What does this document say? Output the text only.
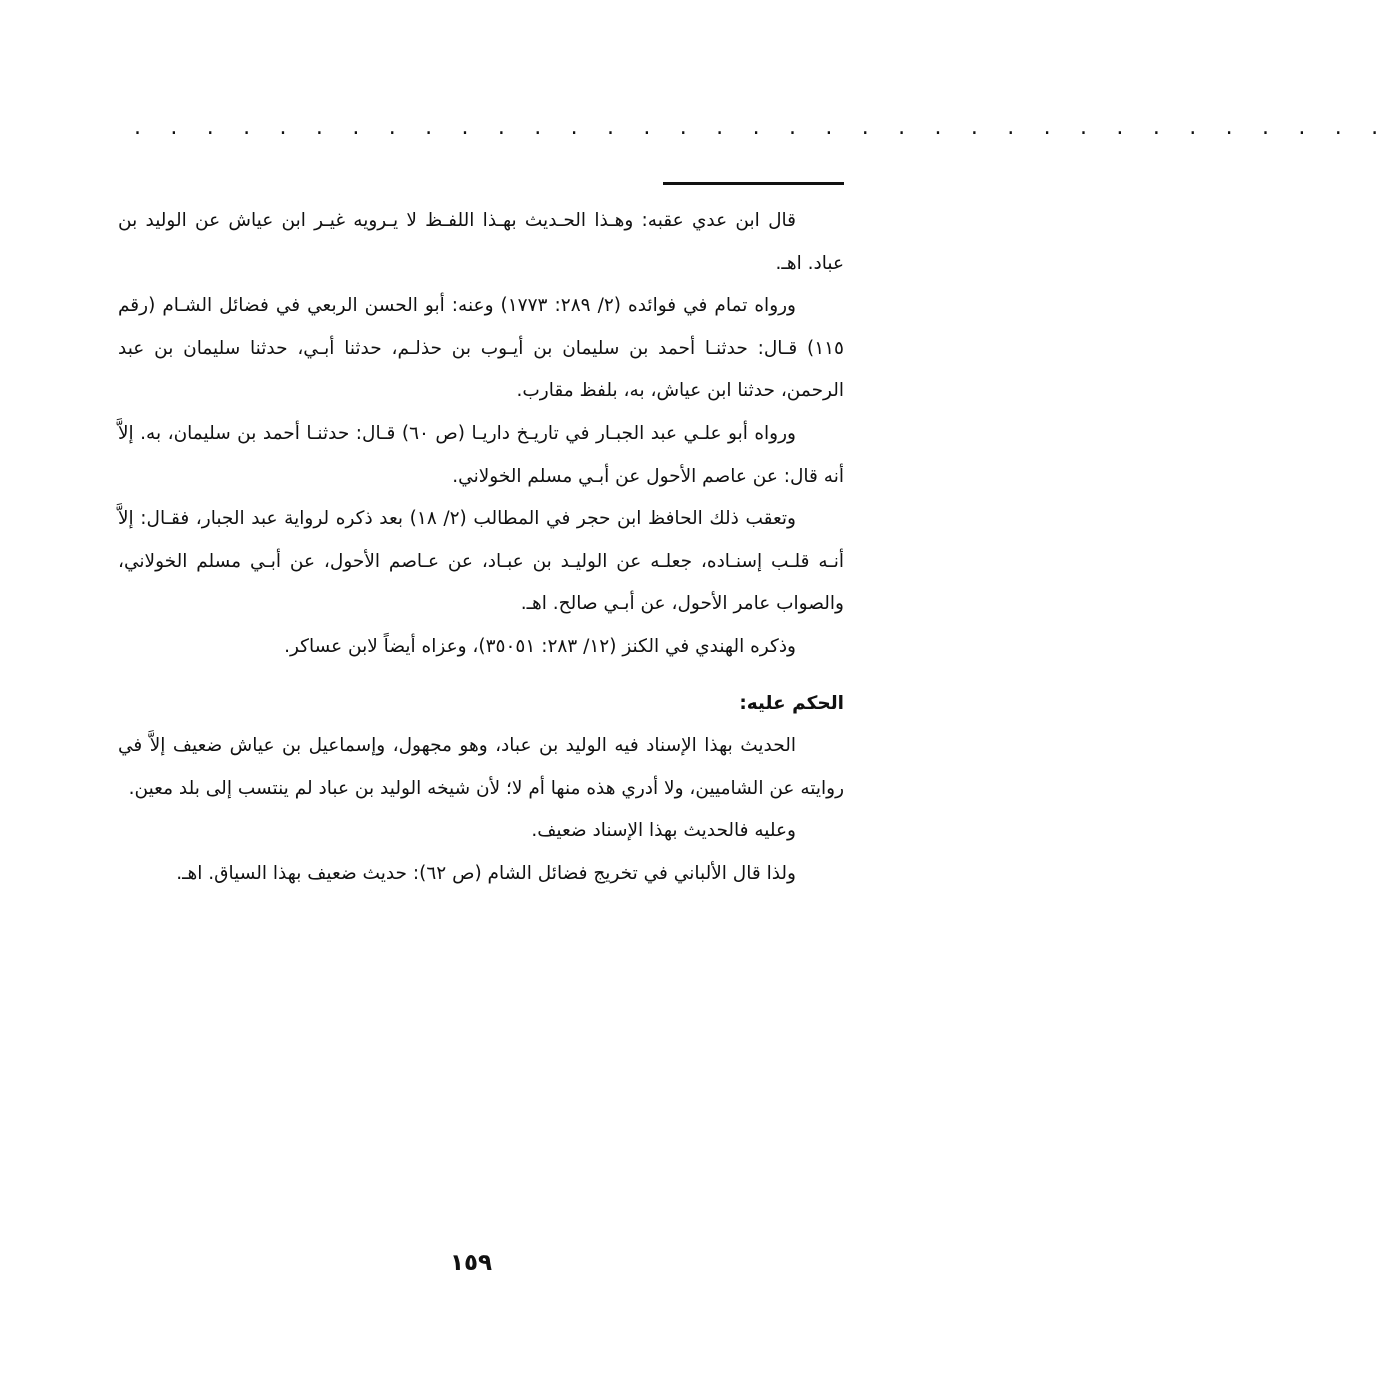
. . . . . . . . . . . . . . . . . . . . . . . . . . . . . . . . . . .

قال ابن عدي عقبه: وهـذا الحـديث بهـذا اللفـظ لا يـرويه غيـر ابن عياش عن الوليد بن عباد. اهـ.

ورواه تمام في فوائده (٢/ ٢٨٩: ١٧٧٣) وعنه: أبو الحسن الربعي في فضائل الشـام (رقم ١١٥) قـال: حدثنـا أحمد بن سليمان بن أيـوب بن حذلـم، حدثنا أبـي، حدثنا سليمان بن عبد الرحمن، حدثنا ابن عياش، به، بلفظ مقارب.

ورواه أبو علـي عبد الجبـار في تاريـخ داريـا (ص ٦٠) قـال: حدثنـا أحمد بن سليمان، به. إلاَّ أنه قال: عن عاصم الأحول عن أبـي مسلم الخولاني.

وتعقب ذلك الحافظ ابن حجر في المطالب (٢/ ١٨) بعد ذكره لرواية عبد الجبار، فقـال: إلاَّ أنـه قلـب إسنـاده، جعلـه عن الوليـد بن عبـاد، عن عـاصم الأحول، عن أبـي مسلم الخولاني، والصواب عامر الأحول، عن أبـي صالح. اهـ.

وذكره الهندي في الكنز (١٢/ ٢٨٣: ٣٥٠٥١)، وعزاه أيضاً لابن عساكر.

الحكم عليه:

الحديث بهذا الإسناد فيه الوليد بن عباد، وهو مجهول، وإسماعيل بن عياش ضعيف إلاَّ في روايته عن الشاميين، ولا أدري هذه منها أم لا؛ لأن شيخه الوليد بن عباد لم ينتسب إلى بلد معين.

وعليه فالحديث بهذا الإسناد ضعيف.

ولذا قال الألباني في تخريج فضائل الشام (ص ٦٢): حديث ضعيف بهذا السياق. اهـ.

١٥٩
